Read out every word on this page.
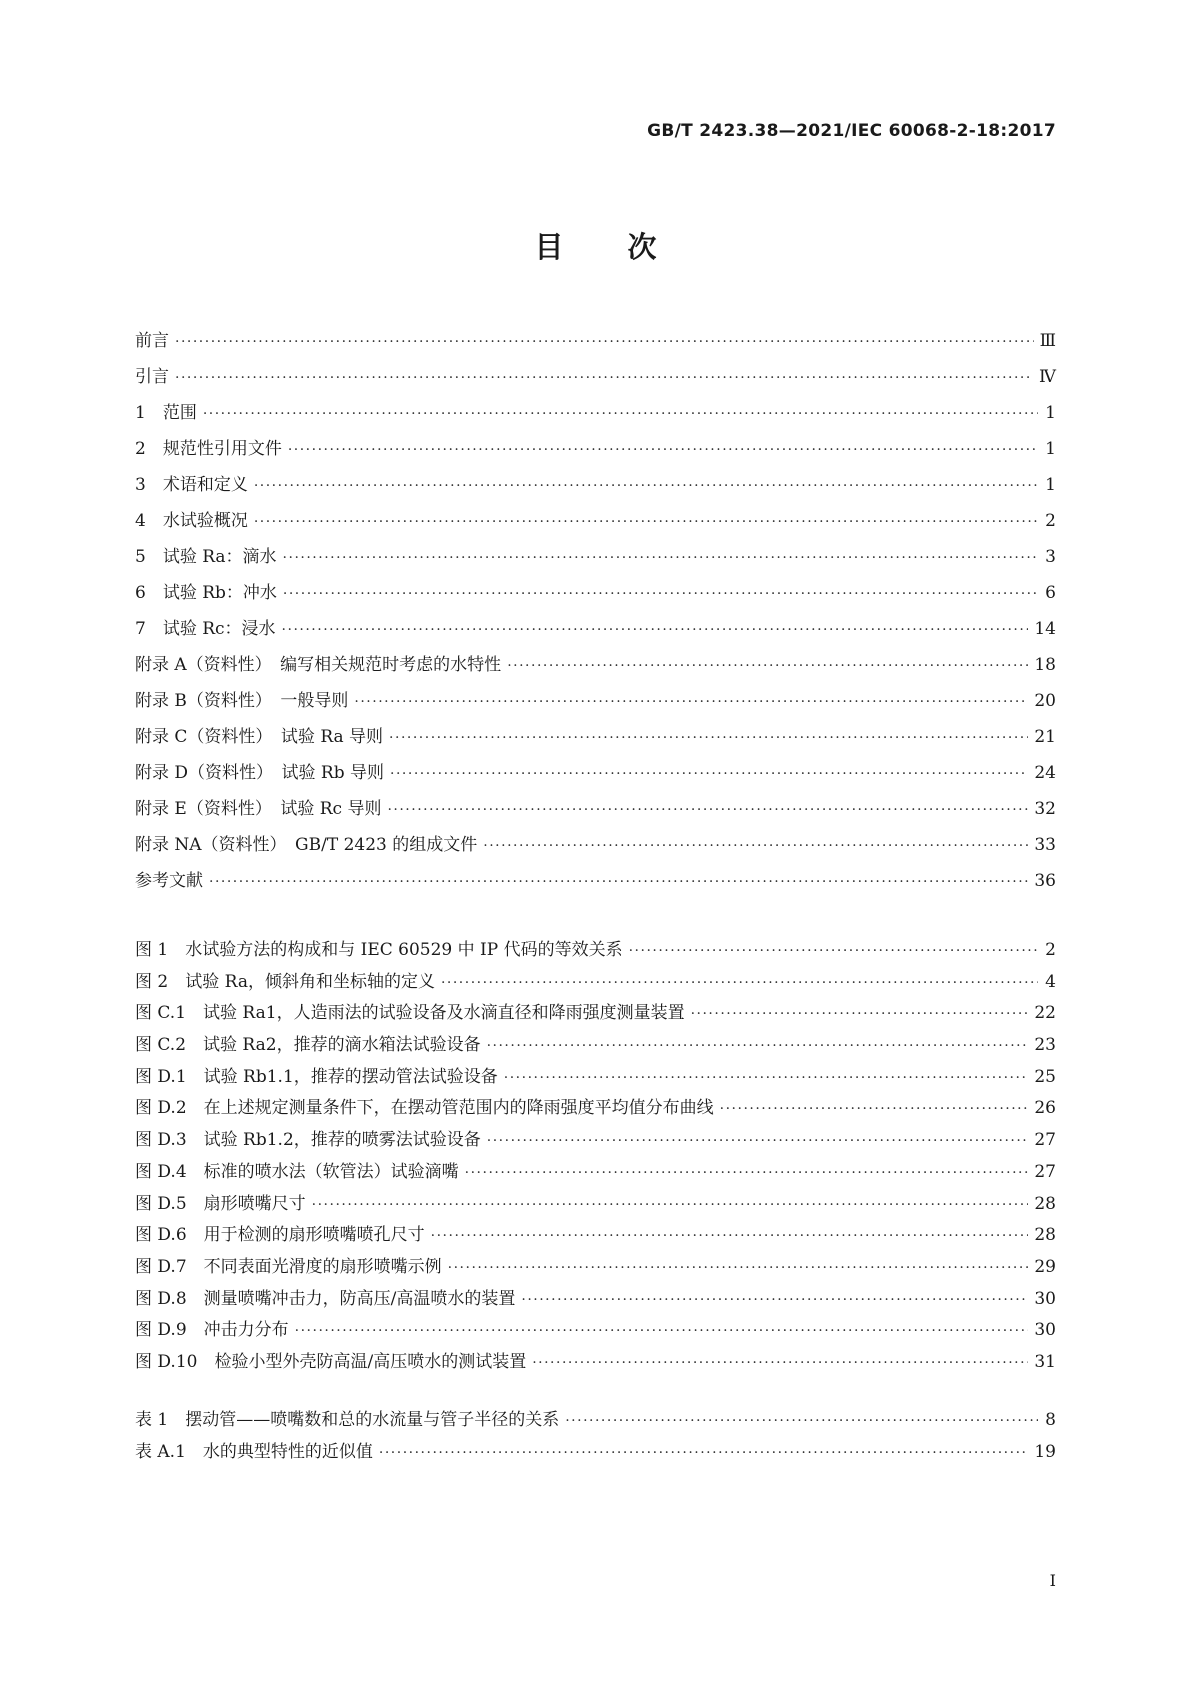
GB/T 2423.38—2021/IEC 60068-2-18:2017
目次
前言 ·····	Ⅲ
引言 ·····	Ⅳ
1　范围 ·····	1
2　规范性引用文件 ·····	1
3　术语和定义 ·····	1
4　水试验概况 ·····	2
5　试验 Ra：滴水 ·····	3
6　试验 Rb：冲水 ·····	6
7　试验 Rc：浸水 ·····	14
附录 A（资料性）　编写相关规范时考虑的水特性 ·····	18
附录 B（资料性）　一般导则 ·····	20
附录 C（资料性）　试验 Ra 导则 ·····	21
附录 D（资料性）　试验 Rb 导则 ·····	24
附录 E（资料性）　试验 Rc 导则 ·····	32
附录 NA（资料性）　GB/T 2423 的组成文件 ·····	33
参考文献 ·····	36
图 1　水试验方法的构成和与 IEC 60529 中 IP 代码的等效关系 ·····	2
图 2　试验 Ra，倾斜角和坐标轴的定义 ·····	4
图 C.1　试验 Ra1，人造雨法的试验设备及水滴直径和降雨强度测量装置 ·····	22
图 C.2　试验 Ra2，推荐的滴水箱法试验设备 ·····	23
图 D.1　试验 Rb1.1，推荐的摆动管法试验设备 ·····	25
图 D.2　在上述规定测量条件下，在摆动管范围内的降雨强度平均值分布曲线 ·····	26
图 D.3　试验 Rb1.2，推荐的喷雾法试验设备 ·····	27
图 D.4　标准的喷水法（软管法）试验滴嘴 ·····	27
图 D.5　扇形喷嘴尺寸 ·····	28
图 D.6　用于检测的扇形喷嘴喷孔尺寸 ·····	28
图 D.7　不同表面光滑度的扇形喷嘴示例 ·····	29
图 D.8　测量喷嘴冲击力，防高压/高温喷水的装置 ·····	30
图 D.9　冲击力分布 ·····	30
图 D.10　检验小型外壳防高温/高压喷水的测试装置 ·····	31
表 1　摆动管——喷嘴数和总的水流量与管子半径的关系 ·····	8
表 A.1　水的典型特性的近似值 ·····	19
I
